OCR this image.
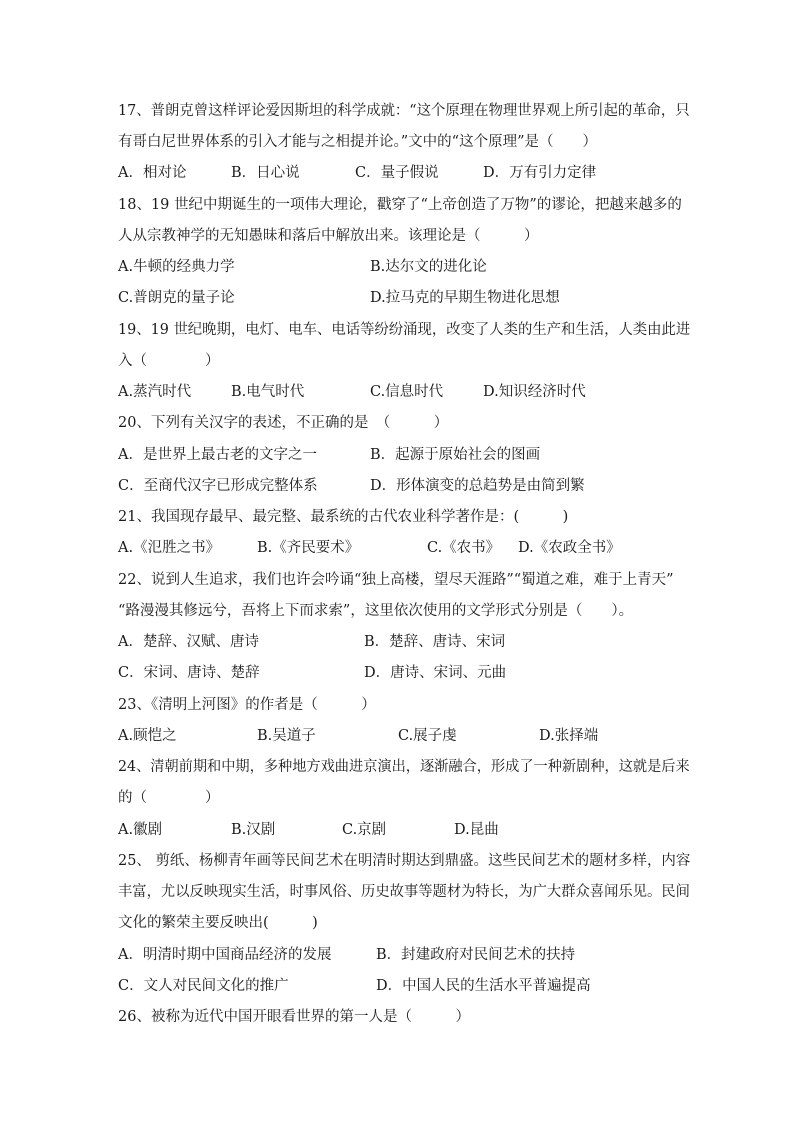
17、普朗克曾这样评论爱因斯坦的科学成就：“这个原理在物理世界观上所引起的革命，只
有哥白尼世界体系的引入才能与之相提并论。”文中的“这个原理”是（　　）
A．相对论	B．日心说	C．量子假说	D．万有引力定律
18、19 世纪中期诞生的一项伟大理论，戳穿了“上帝创造了万物”的谬论，把越来越多的
人从宗教神学的无知愚昧和落后中解放出来。该理论是（　　　）
A.牛顿的经典力学	B.达尔文的进化论
C.普朗克的量子论	D.拉马克的早期生物进化思想
19、19 世纪晚期，电灯、电车、电话等纷纷涌现，改变了人类的生产和生活，人类由此进
入（　　　　）
A.蒸汽时代	B.电气时代	C.信息时代	D.知识经济时代
20、下列有关汉字的表述，不正确的是　（　　　）
A．是世界上最古老的文字之一	B．起源于原始社会的图画
C．至商代汉字已形成完整体系	D．形体演变的总趋势是由简到繁
21、我国现存最早、最完整、最系统的古代农业科学著作是：(　　　)
A.《氾胜之书》	B.《齐民要术》	C.《农书》 D.《农政全书》
22、说到人生追求，我们也许会吟诵“独上高楼，望尽天涯路”“蜀道之难，难于上青天”
“路漫漫其修远兮，吾将上下而求索”，这里依次使用的文学形式分别是（　　）。
A．楚辞、汉赋、唐诗	B．楚辞、唐诗、宋词
C．宋词、唐诗、楚辞	D．唐诗、宋词、元曲
23、《清明上河图》的作者是（　　　）
A.顾恺之	B.吴道子	C.展子虔	D.张择端
24、清朝前期和中期，多种地方戏曲进京演出，逐渐融合，形成了一种新剧种，这就是后来
的（　　　　）
A.徽剧	B.汉剧	C.京剧	D.昆曲
25、 剪纸、杨柳青年画等民间艺术在明清时期达到鼎盛。这些民间艺术的题材多样，内容
丰富，尤以反映现实生活，时事风俗、历史故事等题材为特长，为广大群众喜闻乐见。民间
文化的繁荣主要反映出(　　　)
A．明清时期中国商品经济的发展	B．封建政府对民间艺术的扶持
C．文人对民间文化的推广	D．中国人民的生活水平普遍提高
26、被称为近代中国开眼看世界的第一人是（　　　）
